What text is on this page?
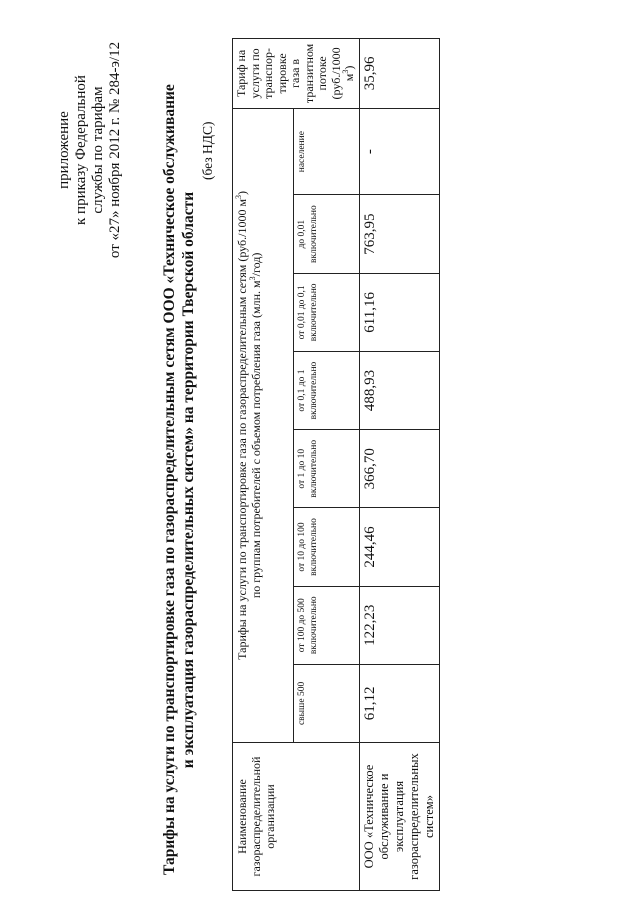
приложение к приказу Федеральной службы по тарифам от «27» ноября 2012 г. № 284-э/12 Тарифы на услуги по транспортировке газа по газораспределительным сетям ООО «Техническое обслуживание и эксплуатация газораспределительных систем» на территории Тверской области
(без НДС)
Наименование газораспределительной организации	Тарифы на услуги по транспортировке газа по газораспределительным сетям (руб./1000 $м^3$)
по группам потребителей с объемом потребления газа (млн. $м^3/год$)								Тариф на услуги по транспор-тировке газа в транзитном потоке (руб./1000 $м^3$)
	свыше 500	от 100 до 500 включительно	от 10 до 100 включительно	от 1 до 10 включительно	от 0,1 до 1 включительно	от 0,01 до 0,1 включительно	до 0,01 включительно	население	
ООО «Техническое обслуживание и эксплуатация газораспределительных систем»	61,12	122,23	244,46	366,70	488,93	611,16	763,95	-	35,96
